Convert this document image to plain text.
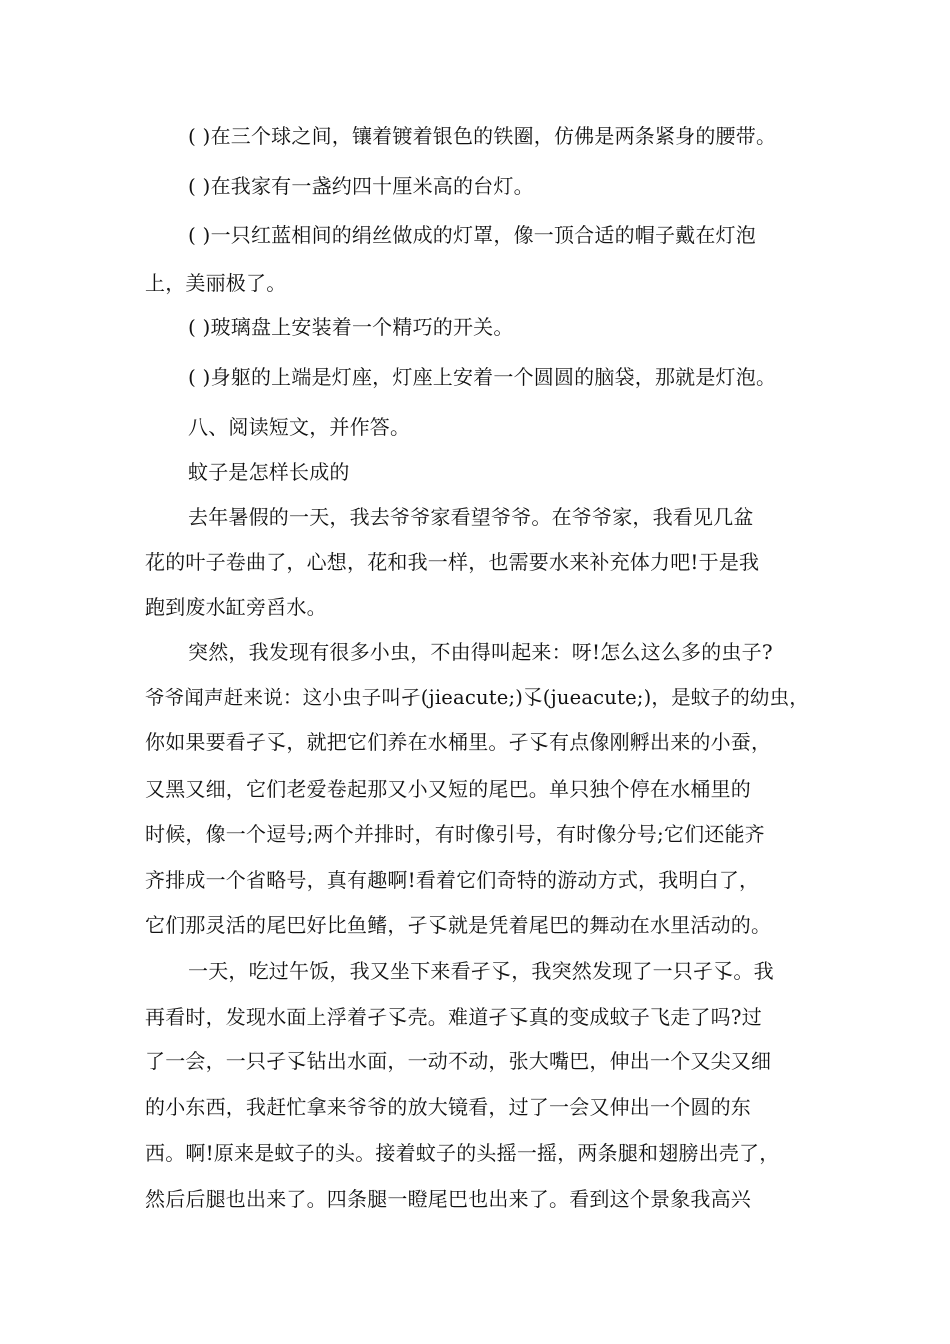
( )在三个球之间，镶着镀着银色的铁圈，仿佛是两条紧身的腰带。
( )在我家有一盏约四十厘米高的台灯。
( )一只红蓝相间的绢丝做成的灯罩，像一顶合适的帽子戴在灯泡
上，美丽极了。
( )玻璃盘上安装着一个精巧的开关。
( )身躯的上端是灯座，灯座上安着一个圆圆的脑袋，那就是灯泡。
八、阅读短文，并作答。
蚊子是怎样长成的
去年暑假的一天，我去爷爷家看望爷爷。在爷爷家，我看见几盆
花的叶子卷曲了，心想，花和我一样，也需要水来补充体力吧!于是我
跑到废水缸旁舀水。
突然，我发现有很多小虫，不由得叫起来：呀!怎么这么多的虫子?
爷爷闻声赶来说：这小虫子叫孑(jieacute;)孓(jueacute;)，是蚊子的幼虫，
你如果要看孑孓，就把它们养在水桶里。孑孓有点像刚孵出来的小蚕，
又黑又细，它们老爱卷起那又小又短的尾巴。单只独个停在水桶里的
时候，像一个逗号;两个并排时，有时像引号，有时像分号;它们还能齐
齐排成一个省略号，真有趣啊!看着它们奇特的游动方式，我明白了，
它们那灵活的尾巴好比鱼鳍，孑孓就是凭着尾巴的舞动在水里活动的。
一天，吃过午饭，我又坐下来看孑孓，我突然发现了一只孑孓。我
再看时，发现水面上浮着孑孓壳。难道孑孓真的变成蚊子飞走了吗?过
了一会，一只孑孓钻出水面，一动不动，张大嘴巴，伸出一个又尖又细
的小东西，我赶忙拿来爷爷的放大镜看，过了一会又伸出一个圆的东
西。啊!原来是蚊子的头。接着蚊子的头摇一摇，两条腿和翅膀出壳了，
然后后腿也出来了。四条腿一瞪尾巴也出来了。看到这个景象我高兴
